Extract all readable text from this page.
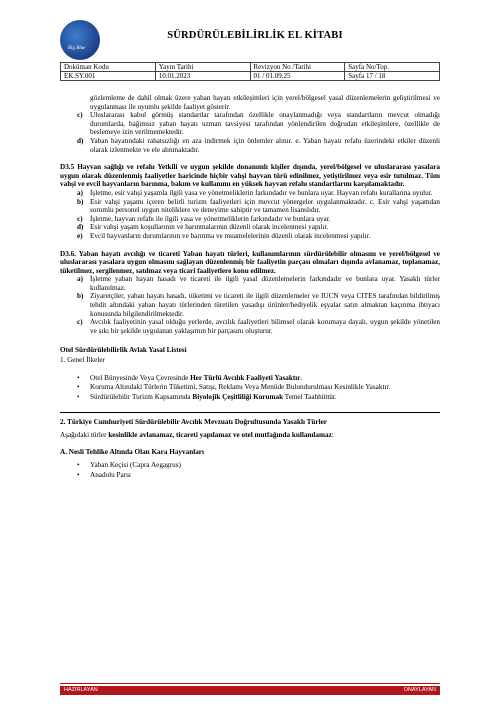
Big Blue
SÜRDÜRÜLEBİLİRLİK EL KİTABI
Doküman Kodu	Yayın Tarihi	Revizyon No /Tarihi	Sayfa No/Top.
EK.SY.001	10.01.2023	01 / 01.09.25	Sayfa 17 / 18

gözlemleme de dahil olmak üzere yaban hayatı etkileşimleri için yerel/bölgesel yasal düzenlemelerin geliştirilmesi ve uygulanması ile uyumlu şekilde faaliyet gösterir.

c) Uluslararası kabul görmüş standartlar tarafından özellikle onaylanmadığı veya standartların mevcut olmadığı durumlarda, bağımsız yaban hayatı uzman tavsiyesi tarafından yönlendirilen doğrudan etkileşimlere, özellikle de beslemeye izin verilmemektedir.
d) Yaban hayatındaki rahatsızlığı en aza indirmek için önlemler alınır. e. Yaban hayatı refahı üzerindeki etkiler düzenli olarak izlenmekte ve ele alınmaktadır.

D3.5 Hayvan sağlığı ve refahı Yetkili ve uygun şekilde donanımlı kişiler dışında, yerel/bölgesel ve uluslararası yasalara uygun olarak düzenlenmiş faaliyetler haricinde hiçbir vahşi hayvan türü edinilmez, yetiştirilmez veya esir tutulmaz. Tüm vahşi ve evcil hayvanların barınma, bakım ve kullanımı en yüksek hayvan refahı standartlarını karşılamaktadır.

a) İşletme, esir vahşi yaşamla ilgili yasa ve yönetmeliklerin farkındadır ve bunlara uyar. Hayvan refahı kurallarına uyulur.
b) Esir vahşi yaşamı içeren belirli turizm faaliyetleri için mevcut yönergeler uygulanmaktadır. c. Esir vahşi yaşamdan sorumlu personel uygun niteliklere ve deneyime sahiptir ve tamamen lisanslıdır.
c) İşletme, hayvan refahı ile ilgili yasa ve yönetmeliklerin farkındadır ve bunlara uyar.
d) Esir vahşi yaşam koşullarının ve barınmalarının düzenli olarak incelenmesi yapılır.
e) Evcil hayvanların durumlarının ve barınma ve muamelelerinin düzenli olarak incelenmesi yapılır.

D3.6. Yaban hayatı avcılığı ve ticareti Yaban hayatı türleri, kullanımlarının sürdürülebilir olmasını ve yerel/bölgesel ve uluslararası yasalara uygun olmasını sağlayan düzenlenmiş bir faaliyetin parçası olmaları dışında avlanamaz, toplanamaz, tüketilmez, sergilenmez, satılmaz veya ticari faaliyetlere konu edilmez.

a) İşletme yaban hayatı hasadı ve ticareti ile ilgili yasal düzenlemelerin farkındadır ve bunlara uyar. Yasaklı türler kullanılmaz.
b) Ziyaretçiler, yaban hayatı hasadı, tüketimi ve ticareti ile ilgili düzenlemeler ve IUCN veya CITES tarafından bildirilmiş tehdit altındaki yaban hayatı türlerinden türetilen yasadışı ürünler/hediyelik eşyalar satın almaktan kaçınma ihtiyacı konusunda bilgilendirilmektedir.
c) Avcılık faaliyetinin yasal olduğu yerlerde, avcılık faaliyetleri bilimsel olarak korumaya dayalı, uygun şekilde yönetilen ve sıkı bir şekilde uygulanan yaklaşımın bir parçasını oluşturur.

Otel Sürdürülebilirlik Avlak Yasal Listesi

1. Genel İlkeler

• Otel Bünyesinde Veya Çevresinde Her Türlü Avcılık Faaliyeti Yasaktır.
• Koruma Altındaki Türlerin Tüketimi, Satışı, Reklamı Veya Menüde Bulundurulması Kesinlikle Yasaktır.
• Sürdürülebilir Turizm Kapsamında Biyolojik Çeşitliliği Korumak Temel Taahhüttür.

2. Türkiye Cumhuriyeti Sürdürülebilir Avcılık Mevzuatı Doğrultusunda Yasaklı Türler

Aşağıdaki türler kesinlikle avlanamaz, ticareti yapılamaz ve otel mutfağında kullanılamaz:

A. Nesli Tehlike Altında Olan Kara Hayvanları

• Yaban Keçisi (Capra Aegagrus)
• Anadolu Parsı
HAZIRLAYAN	ONAYLAYAN
